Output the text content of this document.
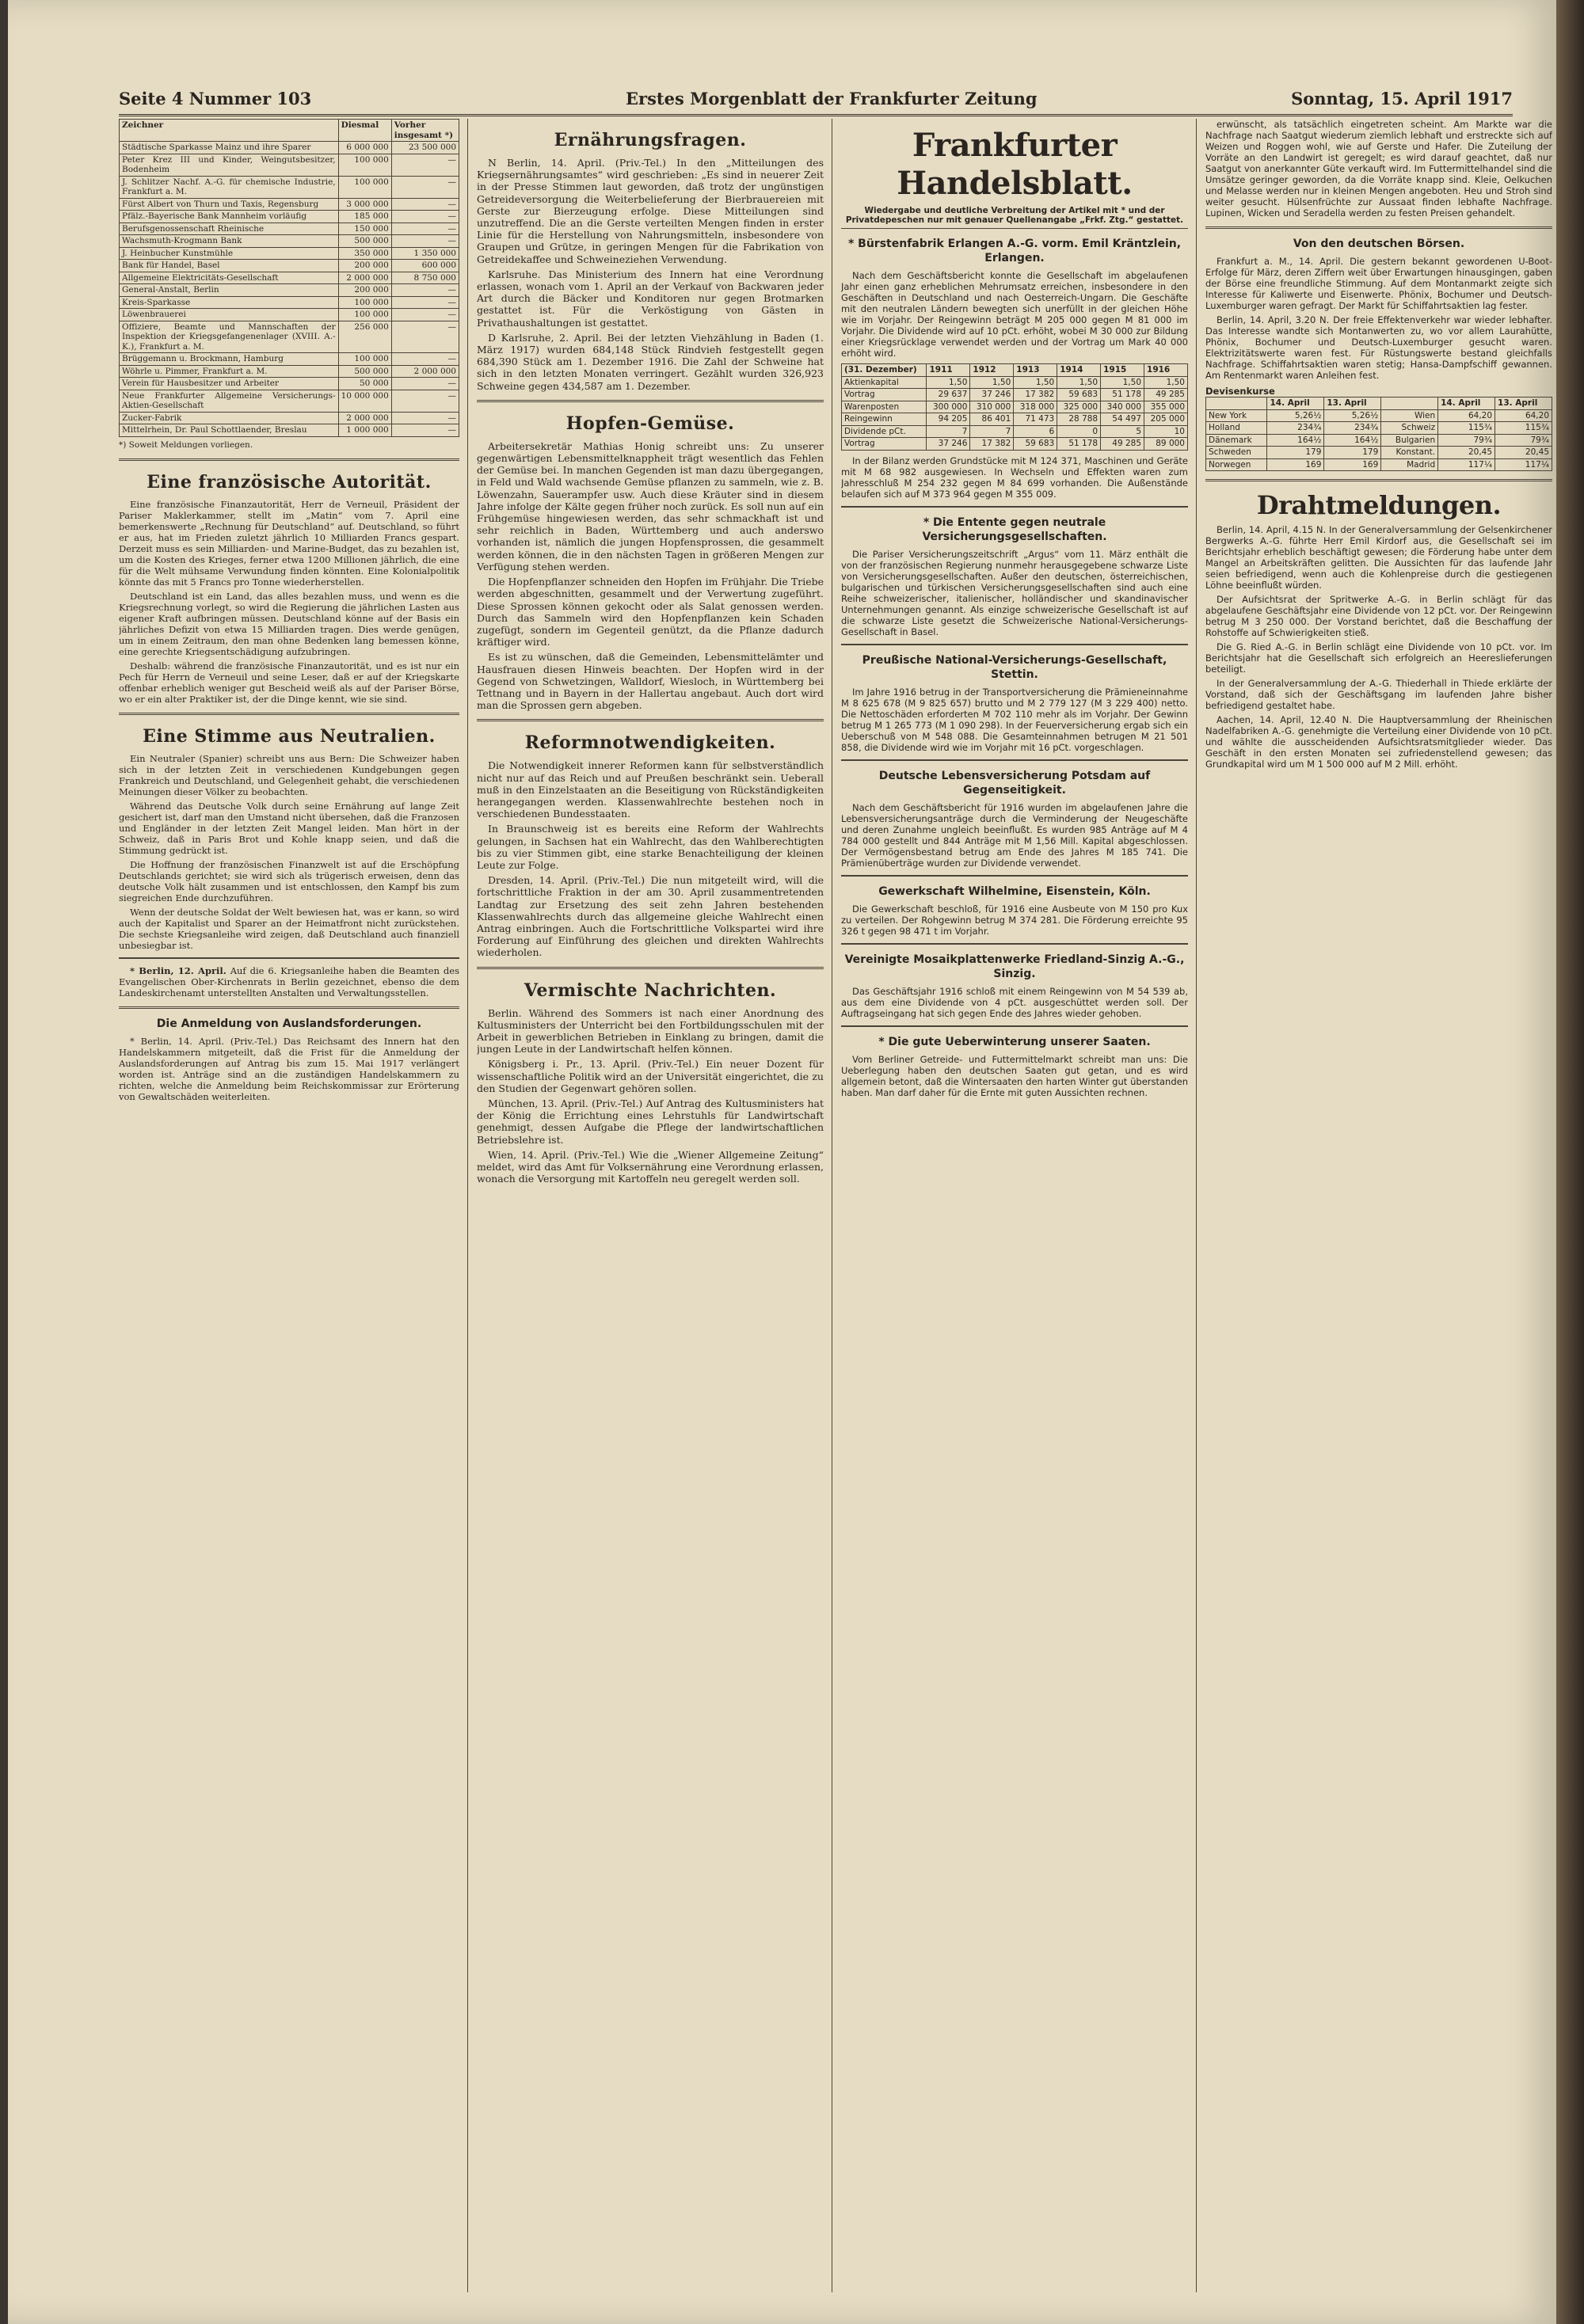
Seite 4 Nummer 103	Erstes Morgenblatt der Frankfurter Zeitung	Sonntag, 15. April 1917
Zeichner	Diesmal	Vorher insgesamt *)
Städtische Sparkasse Mainz und ihre Sparer	6 000 000	23 500 000
Peter Krez III und Kinder, Weingutsbesitzer, Bodenheim	100 000	—
J. Schlitzer Nachf. A.-G. für chemische Industrie, Frankfurt a. M.	100 000	—
Fürst Albert von Thurn und Taxis, Regensburg	3 000 000	—
Pfälz.-Bayerische Bank Mannheim vorläufig	185 000	—
Berufsgenossenschaft Rheinische	150 000	—
Wachsmuth-Krogmann Bank	500 000	—
J. Heinbucher Kunstmühle	350 000	1 350 000
Bank für Handel, Basel	200 000	600 000
Allgemeine Elektricitäts-Gesellschaft	2 000 000	8 750 000
General-Anstalt, Berlin	200 000	—
Kreis-Sparkasse	100 000	—
Löwenbrauerei	100 000	—
Offiziere, Beamte und Mannschaften der Inspektion der Kriegsgefangenenlager (XVIII. A.-K.), Frankfurt a. M.	256 000	—
Brüggemann u. Brockmann, Hamburg	100 000	—
Wöhrle u. Pimmer, Frankfurt a. M.	500 000	2 000 000
Verein für Hausbesitzer und Arbeiter	50 000	—
Neue Frankfurter Allgemeine Versicherungs-Aktien-Gesellschaft	10 000 000	—
Zucker-Fabrik	2 000 000	—
Mittelrhein, Dr. Paul Schottlaender, Breslau	1 000 000	—
*) Soweit Meldungen vorliegen.
Eine französische Autorität.

Eine französische Finanzautorität, Herr de Verneuil, Präsident der Pariser Maklerkammer, stellt im „Matin“ vom 7. April eine bemerkenswerte „Rechnung für Deutschland“ auf. Deutschland, so führt er aus, hat im Frieden zuletzt jährlich 10 Milliarden Francs gespart. Derzeit muss es sein Milliarden- und Marine-Budget, das zu bezahlen ist, um die Kosten des Krieges, ferner etwa 1200 Millionen jährlich, die eine für die Welt mühsame Verwundung finden könnten. Eine Kolonialpolitik könnte das mit 5 Francs pro Tonne wiederherstellen.

Deutschland ist ein Land, das alles bezahlen muss, und wenn es die Kriegsrechnung vorlegt, so wird die Regierung die jährlichen Lasten aus eigener Kraft aufbringen müssen. Deutschland könne auf der Basis ein jährliches Defizit von etwa 15 Milliarden tragen. Dies werde genügen, um in einem Zeitraum, den man ohne Bedenken lang bemessen könne, eine gerechte Kriegsentschädigung aufzubringen.

Deshalb: während die französische Finanzautorität, und es ist nur ein Pech für Herrn de Verneuil und seine Leser, daß er auf der Kriegskarte offenbar erheblich weniger gut Bescheid weiß als auf der Pariser Börse, wo er ein alter Praktiker ist, der die Dinge kennt, wie sie sind.

Eine Stimme aus Neutralien.

Ein Neutraler (Spanier) schreibt uns aus Bern: Die Schweizer haben sich in der letzten Zeit in verschiedenen Kundgebungen gegen Frankreich und Deutschland, und Gelegenheit gehabt, die verschiedenen Meinungen dieser Völker zu beobachten.

Während das Deutsche Volk durch seine Ernährung auf lange Zeit gesichert ist, darf man den Umstand nicht übersehen, daß die Franzosen und Engländer in der letzten Zeit Mangel leiden. Man hört in der Schweiz, daß in Paris Brot und Kohle knapp seien, und daß die Stimmung gedrückt ist.

Die Hoffnung der französischen Finanzwelt ist auf die Erschöpfung Deutschlands gerichtet; sie wird sich als trügerisch erweisen, denn das deutsche Volk hält zusammen und ist entschlossen, den Kampf bis zum siegreichen Ende durchzuführen.

Wenn der deutsche Soldat der Welt bewiesen hat, was er kann, so wird auch der Kapitalist und Sparer an der Heimatfront nicht zurückstehen. Die sechste Kriegsanleihe wird zeigen, daß Deutschland auch finanziell unbesiegbar ist.

* Berlin, 12. April. Auf die 6. Kriegsanleihe haben die Beamten des Evangelischen Ober-Kirchenrats in Berlin gezeichnet, ebenso die dem Landeskirchenamt unterstellten Anstalten und Verwaltungsstellen.

Die Anmeldung von Auslandsforderungen.

* Berlin, 14. April. (Priv.-Tel.) Das Reichsamt des Innern hat den Handelskammern mitgeteilt, daß die Frist für die Anmeldung der Auslandsforderungen auf Antrag bis zum 15. Mai 1917 verlängert worden ist. Anträge sind an die zuständigen Handelskammern zu richten, welche die Anmeldung beim Reichskommissar zur Erörterung von Gewaltschäden weiterleiten.

Ernährungsfragen.

N Berlin, 14. April. (Priv.-Tel.) In den „Mitteilungen des Kriegsernährungsamtes“ wird geschrieben: „Es sind in neuerer Zeit in der Presse Stimmen laut geworden, daß trotz der ungünstigen Getreideversorgung die Weiterbelieferung der Bierbrauereien mit Gerste zur Bierzeugung erfolge. Diese Mitteilungen sind unzutreffend. Die an die Gerste verteilten Mengen finden in erster Linie für die Herstellung von Nahrungsmitteln, insbesondere von Graupen und Grütze, in geringen Mengen für die Fabrikation von Getreidekaffee und Schweineziehen Verwendung.

Karlsruhe. Das Ministerium des Innern hat eine Verordnung erlassen, wonach vom 1. April an der Verkauf von Backwaren jeder Art durch die Bäcker und Konditoren nur gegen Brotmarken gestattet ist. Für die Verköstigung von Gästen in Privathaushaltungen ist gestattet.

D Karlsruhe, 2. April. Bei der letzten Viehzählung in Baden (1. März 1917) wurden 684,148 Stück Rindvieh festgestellt gegen 684,390 Stück am 1. Dezember 1916. Die Zahl der Schweine hat sich in den letzten Monaten verringert. Gezählt wurden 326,923 Schweine gegen 434,587 am 1. Dezember.

Hopfen-Gemüse.

Arbeitersekretär Mathias Honig schreibt uns: Zu unserer gegenwärtigen Lebensmittelknappheit trägt wesentlich das Fehlen der Gemüse bei. In manchen Gegenden ist man dazu übergegangen, in Feld und Wald wachsende Gemüse pflanzen zu sammeln, wie z. B. Löwenzahn, Sauerampfer usw. Auch diese Kräuter sind in diesem Jahre infolge der Kälte gegen früher noch zurück. Es soll nun auf ein Frühgemüse hingewiesen werden, das sehr schmackhaft ist und sehr reichlich in Baden, Württemberg und auch anderswo vorhanden ist, nämlich die jungen Hopfensprossen, die gesammelt werden können, die in den nächsten Tagen in größeren Mengen zur Verfügung stehen werden.

Die Hopfenpflanzer schneiden den Hopfen im Frühjahr. Die Triebe werden abgeschnitten, gesammelt und der Verwertung zugeführt. Diese Sprossen können gekocht oder als Salat genossen werden. Durch das Sammeln wird den Hopfenpflanzen kein Schaden zugefügt, sondern im Gegenteil genützt, da die Pflanze dadurch kräftiger wird.

Es ist zu wünschen, daß die Gemeinden, Lebensmittelämter und Hausfrauen diesen Hinweis beachten. Der Hopfen wird in der Gegend von Schwetzingen, Walldorf, Wiesloch, in Württemberg bei Tettnang und in Bayern in der Hallertau angebaut. Auch dort wird man die Sprossen gern abgeben.

Reformnotwendigkeiten.

Die Notwendigkeit innerer Reformen kann für selbstverständlich nicht nur auf das Reich und auf Preußen beschränkt sein. Ueberall muß in den Einzelstaaten an die Beseitigung von Rückständigkeiten herangegangen werden. Klassenwahlrechte bestehen noch in verschiedenen Bundesstaaten.

In Braunschweig ist es bereits eine Reform der Wahlrechts gelungen, in Sachsen hat ein Wahlrecht, das den Wahlberechtigten bis zu vier Stimmen gibt, eine starke Benachteiligung der kleinen Leute zur Folge.

Dresden, 14. April. (Priv.-Tel.) Die nun mitgeteilt wird, will die fortschrittliche Fraktion in der am 30. April zusammentretenden Landtag zur Ersetzung des seit zehn Jahren bestehenden Klassenwahlrechts durch das allgemeine gleiche Wahlrecht einen Antrag einbringen. Auch die Fortschrittliche Volkspartei wird ihre Forderung auf Einführung des gleichen und direkten Wahlrechts wiederholen.

Vermischte Nachrichten.

Berlin. Während des Sommers ist nach einer Anordnung des Kultusministers der Unterricht bei den Fortbildungsschulen mit der Arbeit in gewerblichen Betrieben in Einklang zu bringen, damit die jungen Leute in der Landwirtschaft helfen können.

Königsberg i. Pr., 13. April. (Priv.-Tel.) Ein neuer Dozent für wissenschaftliche Politik wird an der Universität eingerichtet, die zu den Studien der Gegenwart gehören sollen.

München, 13. April. (Priv.-Tel.) Auf Antrag des Kultusministers hat der König die Errichtung eines Lehrstuhls für Landwirtschaft genehmigt, dessen Aufgabe die Pflege der landwirtschaftlichen Betriebslehre ist.

Wien, 14. April. (Priv.-Tel.) Wie die „Wiener Allgemeine Zeitung“ meldet, wird das Amt für Volksernährung eine Verordnung erlassen, wonach die Versorgung mit Kartoffeln neu geregelt werden soll.

Frankfurter Handelsblatt.
Wiedergabe und deutliche Verbreitung der Artikel mit * und der Privatdepeschen nur mit genauer Quellenangabe „Frkf. Ztg.“ gestattet.
* Bürstenfabrik Erlangen A.-G. vorm. Emil Kräntzlein, Erlangen.

Nach dem Geschäftsbericht konnte die Gesellschaft im abgelaufenen Jahr einen ganz erheblichen Mehrumsatz erreichen, insbesondere in den Geschäften in Deutschland und nach Oesterreich-Ungarn. Die Geschäfte mit den neutralen Ländern bewegten sich unerfüllt in der gleichen Höhe wie im Vorjahr. Der Reingewinn beträgt M 205 000 gegen M 81 000 im Vorjahr. Die Dividende wird auf 10 pCt. erhöht, wobei M 30 000 zur Bildung einer Kriegsrücklage verwendet werden und der Vortrag um Mark 40 000 erhöht wird.

(31. Dezember)	1911	1912	1913	1914	1915	1916
Aktienkapital	1,50	1,50	1,50	1,50	1,50	1,50
Vortrag	29 637	37 246	17 382	59 683	51 178	49 285
Warenposten	300 000	310 000	318 000	325 000	340 000	355 000
Reingewinn	94 205	86 401	71 473	28 788	54 497	205 000
Dividende pCt.	7	7	6	0	5	10
Vortrag	37 246	17 382	59 683	51 178	49 285	89 000

In der Bilanz werden Grundstücke mit M 124 371, Maschinen und Geräte mit M 68 982 ausgewiesen. In Wechseln und Effekten waren zum Jahresschluß M 254 232 gegen M 84 699 vorhanden. Die Außenstände belaufen sich auf M 373 964 gegen M 355 009.

* Die Entente gegen neutrale Versicherungsgesellschaften.

Die Pariser Versicherungszeitschrift „Argus“ vom 11. März enthält die von der französischen Regierung nunmehr herausgegebene schwarze Liste von Versicherungsgesellschaften. Außer den deutschen, österreichischen, bulgarischen und türkischen Versicherungsgesellschaften sind auch eine Reihe schweizerischer, italienischer, holländischer und skandinavischer Unternehmungen genannt. Als einzige schweizerische Gesellschaft ist auf die schwarze Liste gesetzt die Schweizerische National-Versicherungs-Gesellschaft in Basel.

Preußische National-Versicherungs-Gesellschaft, Stettin.

Im Jahre 1916 betrug in der Transportversicherung die Prämieneinnahme M 8 625 678 (M 9 825 657) brutto und M 2 779 127 (M 3 229 400) netto. Die Nettoschäden erforderten M 702 110 mehr als im Vorjahr. Der Gewinn betrug M 1 265 773 (M 1 090 298). In der Feuerversicherung ergab sich ein Ueberschuß von M 548 088. Die Gesamteinnahmen betrugen M 21 501 858, die Dividende wird wie im Vorjahr mit 16 pCt. vorgeschlagen.

Deutsche Lebensversicherung Potsdam auf Gegenseitigkeit.

Nach dem Geschäftsbericht für 1916 wurden im abgelaufenen Jahre die Lebensversicherungsanträge durch die Verminderung der Neugeschäfte und deren Zunahme ungleich beeinflußt. Es wurden 985 Anträge auf M 4 784 000 gestellt und 844 Anträge mit M 1,56 Mill. Kapital abgeschlossen. Der Vermögensbestand betrug am Ende des Jahres M 185 741. Die Prämienüberträge wurden zur Dividende verwendet.

Gewerkschaft Wilhelmine, Eisenstein, Köln.

Die Gewerkschaft beschloß, für 1916 eine Ausbeute von M 150 pro Kux zu verteilen. Der Rohgewinn betrug M 374 281. Die Förderung erreichte 95 326 t gegen 98 471 t im Vorjahr.

Vereinigte Mosaikplattenwerke Friedland-Sinzig A.-G., Sinzig.

Das Geschäftsjahr 1916 schloß mit einem Reingewinn von M 54 539 ab, aus dem eine Dividende von 4 pCt. ausgeschüttet werden soll. Der Auftragseingang hat sich gegen Ende des Jahres wieder gehoben.

* Die gute Ueberwinterung unserer Saaten.

Vom Berliner Getreide- und Futtermittelmarkt schreibt man uns: Die Ueberlegung haben den deutschen Saaten gut getan, und es wird allgemein betont, daß die Wintersaaten den harten Winter gut überstanden haben. Man darf daher für die Ernte mit guten Aussichten rechnen.

erwünscht, als tatsächlich eingetreten scheint. Am Markte war die Nachfrage nach Saatgut wiederum ziemlich lebhaft und erstreckte sich auf Weizen und Roggen wohl, wie auf Gerste und Hafer. Die Zuteilung der Vorräte an den Landwirt ist geregelt; es wird darauf geachtet, daß nur Saatgut von anerkannter Güte verkauft wird. Im Futtermittelhandel sind die Umsätze geringer geworden, da die Vorräte knapp sind. Kleie, Oelkuchen und Melasse werden nur in kleinen Mengen angeboten. Heu und Stroh sind weiter gesucht. Hülsenfrüchte zur Aussaat finden lebhafte Nachfrage. Lupinen, Wicken und Seradella werden zu festen Preisen gehandelt.

Von den deutschen Börsen.

Frankfurt a. M., 14. April. Die gestern bekannt gewordenen U-Boot-Erfolge für März, deren Ziffern weit über Erwartungen hinausgingen, gaben der Börse eine freundliche Stimmung. Auf dem Montanmarkt zeigte sich Interesse für Kaliwerte und Eisenwerte. Phönix, Bochumer und Deutsch-Luxemburger waren gefragt. Der Markt für Schiffahrtsaktien lag fester.

Berlin, 14. April, 3.20 N. Der freie Effektenverkehr war wieder lebhafter. Das Interesse wandte sich Montanwerten zu, wo vor allem Laurahütte, Phönix, Bochumer und Deutsch-Luxemburger gesucht waren. Elektrizitätswerte waren fest. Für Rüstungswerte bestand gleichfalls Nachfrage. Schiffahrtsaktien waren stetig; Hansa-Dampfschiff gewannen. Am Rentenmarkt waren Anleihen fest.

Devisenkurse
	14. April	13. April		14. April	13. April
New York	5,26½	5,26½	Wien	64,20	64,20
Holland	234¾	234¾	Schweiz	115¾	115¾
Dänemark	164½	164½	Bulgarien	79¾	79¾
Schweden	179	179	Konstant.	20,45	20,45
Norwegen	169	169	Madrid	117¼	117¼
Drahtmeldungen.

Berlin, 14. April, 4.15 N. In der Generalversammlung der Gelsenkirchener Bergwerks A.-G. führte Herr Emil Kirdorf aus, die Gesellschaft sei im Berichtsjahr erheblich beschäftigt gewesen; die Förderung habe unter dem Mangel an Arbeitskräften gelitten. Die Aussichten für das laufende Jahr seien befriedigend, wenn auch die Kohlenpreise durch die gestiegenen Löhne beeinflußt würden.

Der Aufsichtsrat der Spritwerke A.-G. in Berlin schlägt für das abgelaufene Geschäftsjahr eine Dividende von 12 pCt. vor. Der Reingewinn betrug M 3 250 000. Der Vorstand berichtet, daß die Beschaffung der Rohstoffe auf Schwierigkeiten stieß.

Die G. Ried A.-G. in Berlin schlägt eine Dividende von 10 pCt. vor. Im Berichtsjahr hat die Gesellschaft sich erfolgreich an Heereslieferungen beteiligt.

In der Generalversammlung der A.-G. Thiederhall in Thiede erklärte der Vorstand, daß sich der Geschäftsgang im laufenden Jahre bisher befriedigend gestaltet habe.

Aachen, 14. April, 12.40 N. Die Hauptversammlung der Rheinischen Nadelfabriken A.-G. genehmigte die Verteilung einer Dividende von 10 pCt. und wählte die ausscheidenden Aufsichtsratsmitglieder wieder. Das Geschäft in den ersten Monaten sei zufriedenstellend gewesen; das Grundkapital wird um M 1 500 000 auf M 2 Mill. erhöht.
